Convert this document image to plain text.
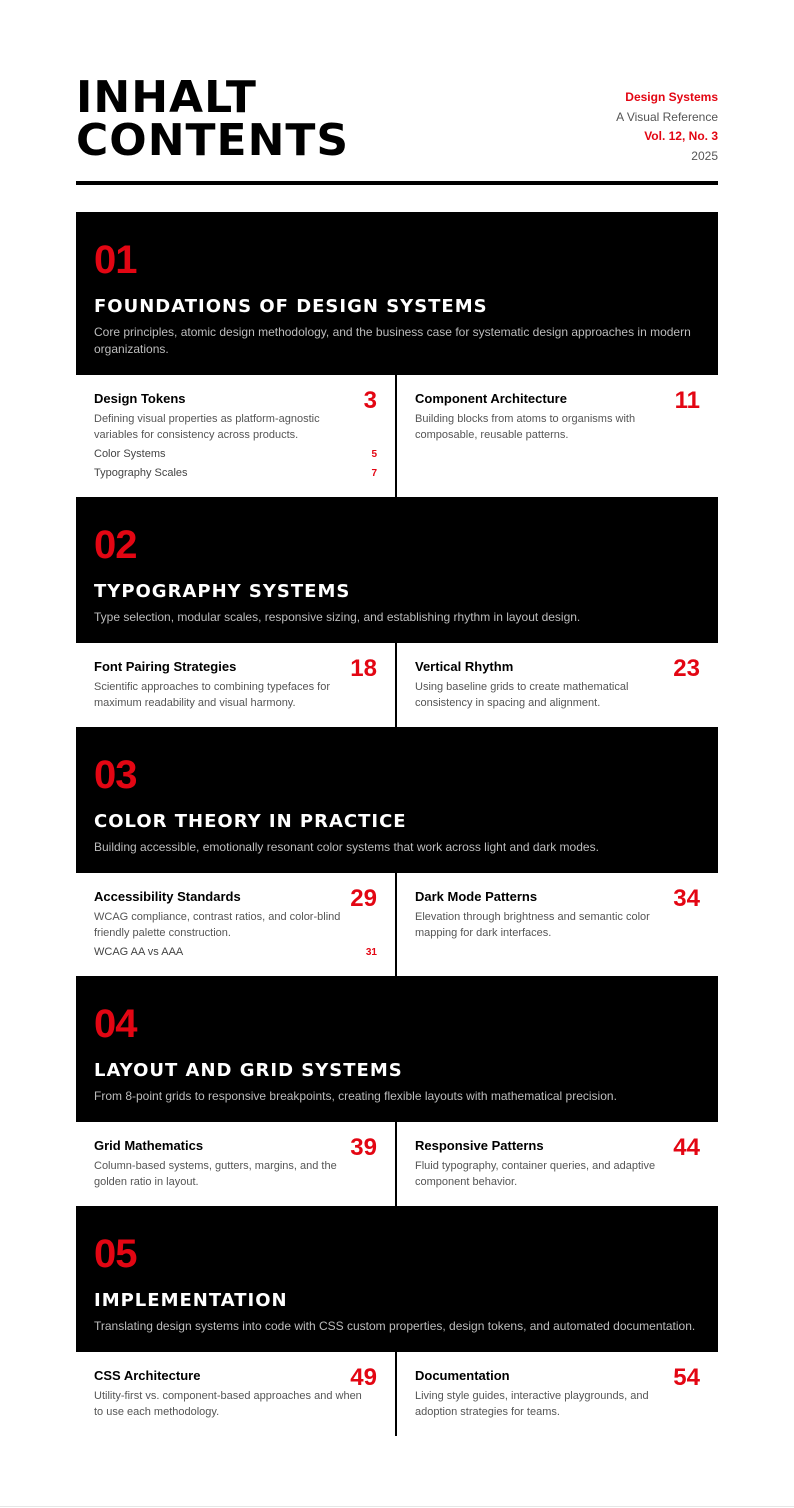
INHALT
CONTENTS
Design Systems
A Visual Reference
Vol. 12, No. 3
2025
01
FOUNDATIONS OF DESIGN SYSTEMS
Core principles, atomic design methodology, and the business case for systematic design approaches in modern organizations.
Design Tokens	3
Defining visual properties as platform-agnostic variables for consistency across products.
Color Systems	5
Typography Scales	7
Component Architecture	11
Building blocks from atoms to organisms with composable, reusable patterns.
02
TYPOGRAPHY SYSTEMS
Type selection, modular scales, responsive sizing, and establishing rhythm in layout design.
Font Pairing Strategies	18
Scientific approaches to combining typefaces for maximum readability and visual harmony.
Vertical Rhythm	23
Using baseline grids to create mathematical consistency in spacing and alignment.
03
COLOR THEORY IN PRACTICE
Building accessible, emotionally resonant color systems that work across light and dark modes.
Accessibility Standards	29
WCAG compliance, contrast ratios, and color-blind friendly palette construction.
WCAG AA vs AAA	31
Dark Mode Patterns	34
Elevation through brightness and semantic color mapping for dark interfaces.
04
LAYOUT AND GRID SYSTEMS
From 8-point grids to responsive breakpoints, creating flexible layouts with mathematical precision.
Grid Mathematics	39
Column-based systems, gutters, margins, and the golden ratio in layout.
Responsive Patterns	44
Fluid typography, container queries, and adaptive component behavior.
05
IMPLEMENTATION
Translating design systems into code with CSS custom properties, design tokens, and automated documentation.
CSS Architecture	49
Utility-first vs. component-based approaches and when to use each methodology.
Documentation	54
Living style guides, interactive playgrounds, and adoption strategies for teams.
